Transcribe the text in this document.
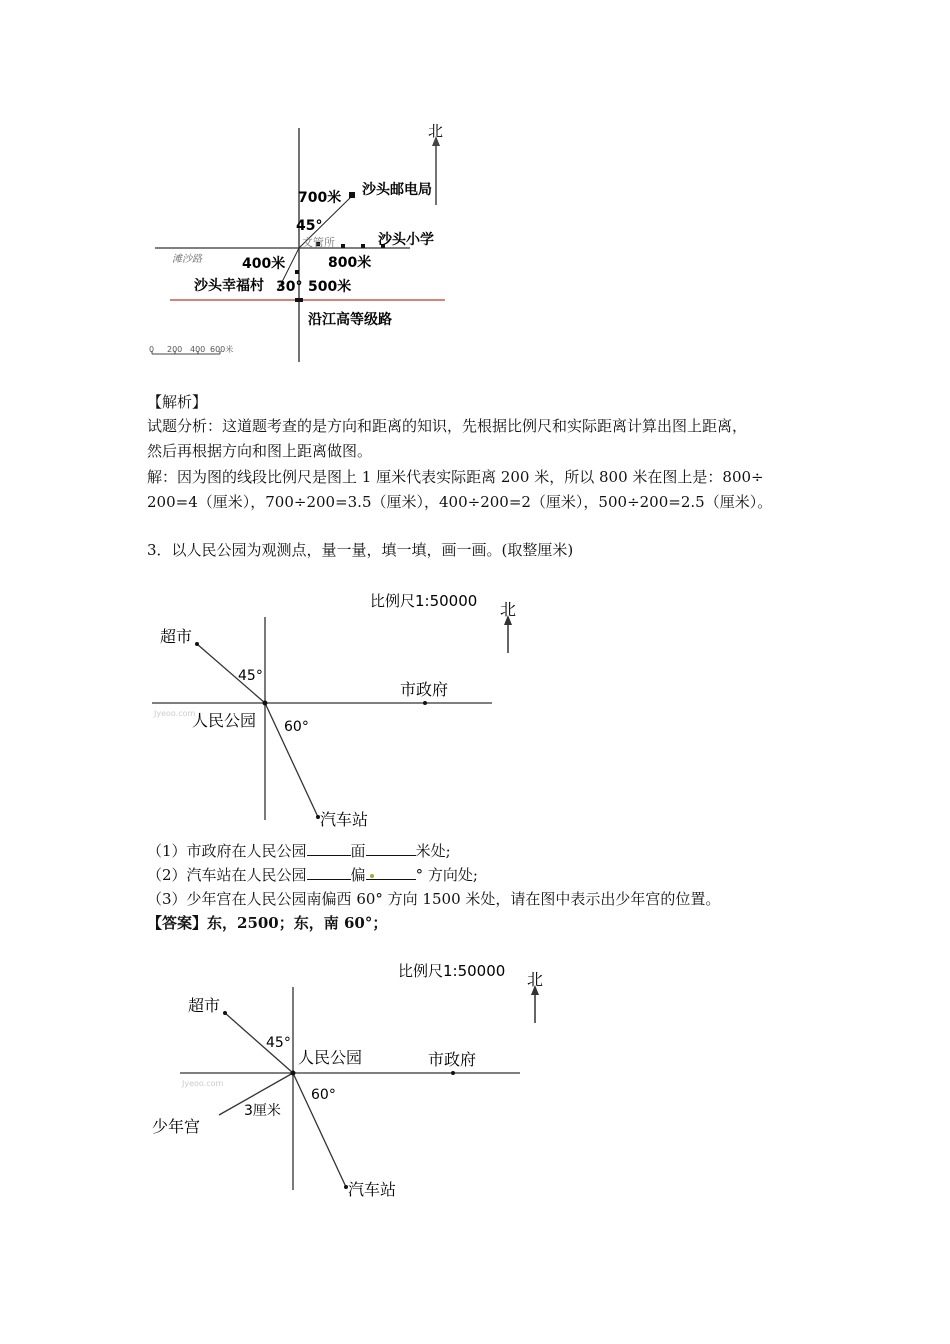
北
沙头邮电局
700米
45°
文管所	沙头小学
800米
滩沙路	400米
沙头幸福村 30° 500米
沿江高等级路
0 200 400 600米
【解析】
试题分析：这道题考查的是方向和距离的知识，先根据比例尺和实际距离计算出图上距离，
然后再根据方向和图上距离做图。
解：因为图的线段比例尺是图上 1 厘米代表实际距离 200 米，所以 800 米在图上是：800÷
200=4（厘米），700÷200=3.5（厘米），400÷200=2（厘米），500÷200=2.5（厘米）。
3．以人民公园为观测点，量一量，填一填，画一画。(取整厘米)
比例尺1:50000 北
超市
45°
人民公园
市政府
60°
汽车站
Jyeoo.com
（1）市政府在人民公园	面	米处;
（2）汽车站在人民公园	偏	° 方向处;
（3）少年宫在人民公园南偏西 60° 方向 1500 米处，请在图中表示出少年宫的位置。
【答案】东，2500；东，南 60°；
比例尺1:50000 北
超市
45°
人民公园	市政府
60°
汽车站
少年宫
3厘米
Jyeoo.com
